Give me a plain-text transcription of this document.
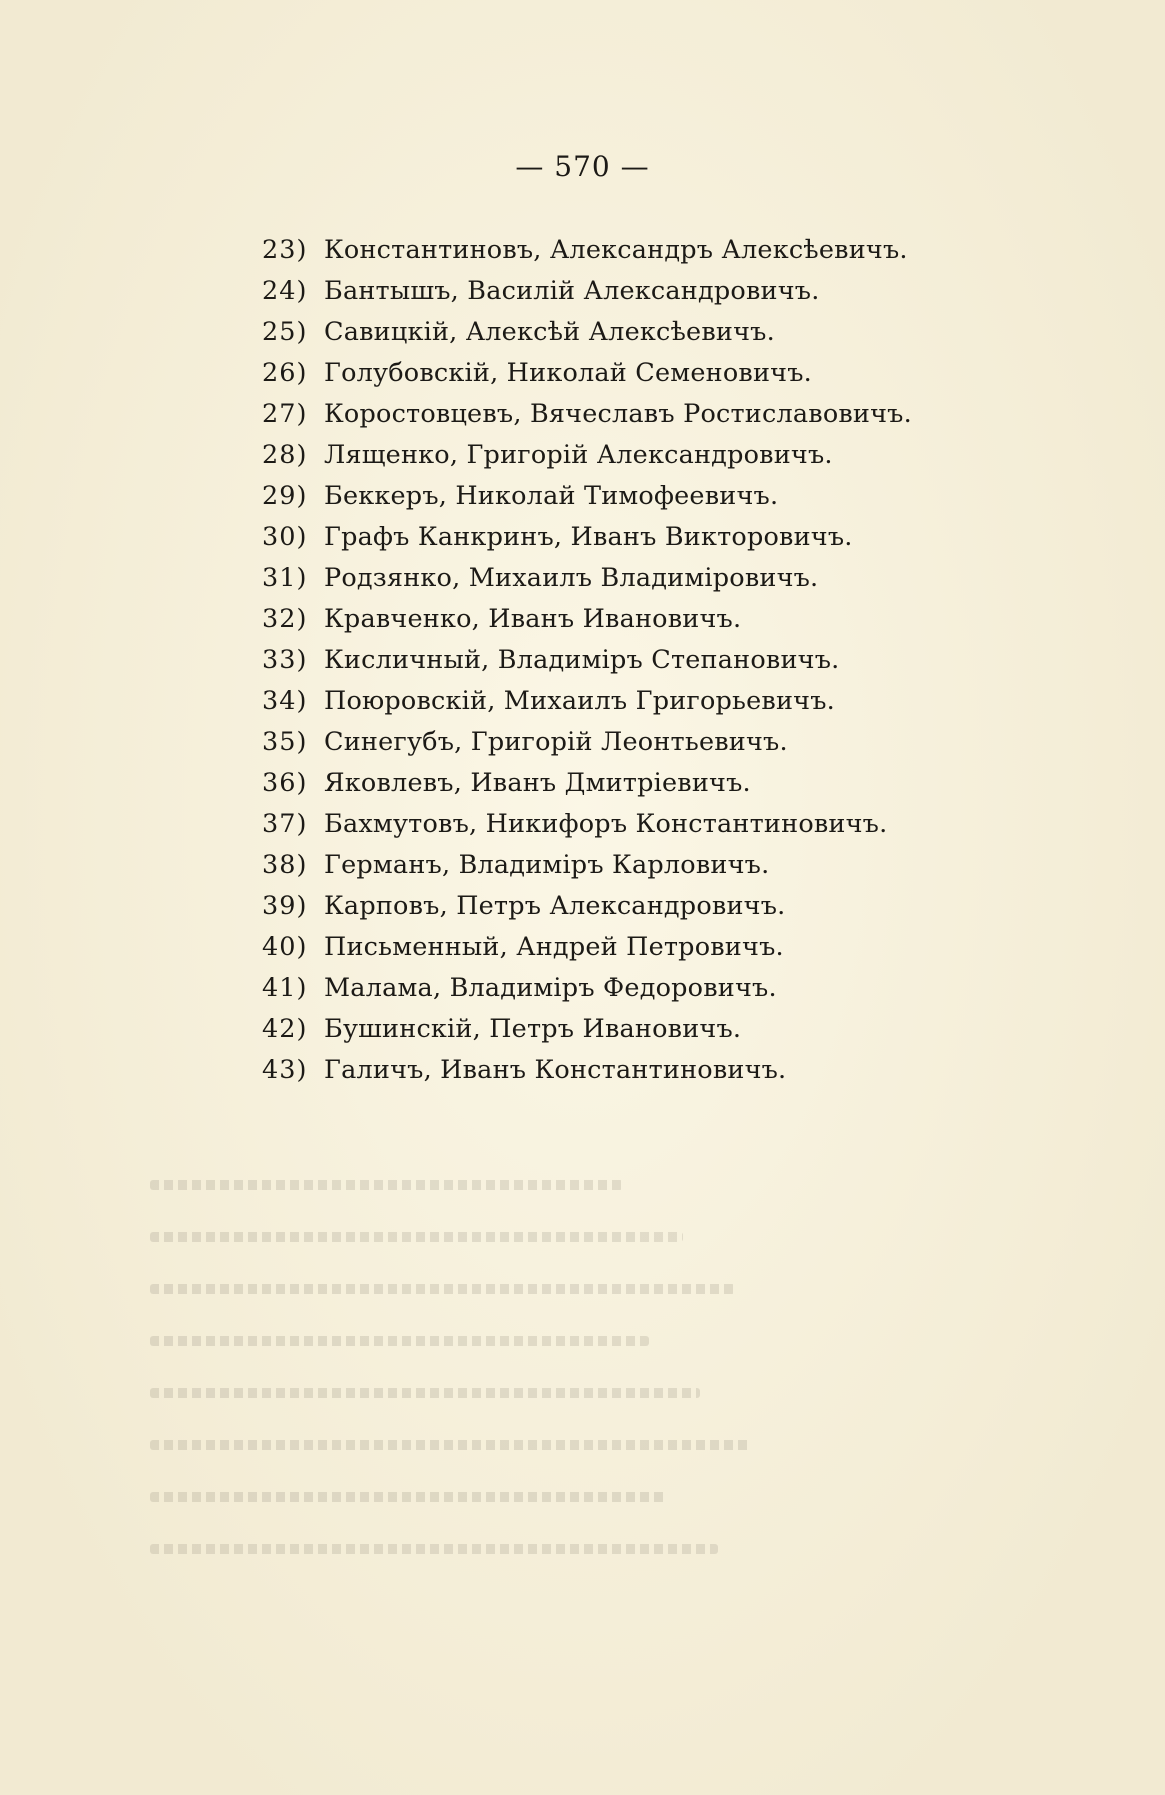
— 570 —
23) Константиновъ, Александръ Алексѣевичъ.
24) Бантышъ, Василій Александровичъ.
25) Савицкій, Алексѣй Алексѣевичъ.
26) Голубовскій, Николай Семеновичъ.
27) Коростовцевъ, Вячеславъ Ростиславовичъ.
28) Лященко, Григорій Александровичъ.
29) Беккеръ, Николай Тимофеевичъ.
30) Графъ Канкринъ, Иванъ Викторовичъ.
31) Родзянко, Михаилъ Владиміровичъ.
32) Кравченко, Иванъ Ивановичъ.
33) Кисличный, Владиміръ Степановичъ.
34) Поюровскій, Михаилъ Григорьевичъ.
35) Синегубъ, Григорій Леонтьевичъ.
36) Яковлевъ, Иванъ Дмитріевичъ.
37) Бахмутовъ, Никифоръ Константиновичъ.
38) Германъ, Владиміръ Карловичъ.
39) Карповъ, Петръ Александровичъ.
40) Письменный, Андрей Петровичъ.
41) Малама, Владиміръ Федоровичъ.
42) Бушинскій, Петръ Ивановичъ.
43) Галичъ, Иванъ Константиновичъ.
